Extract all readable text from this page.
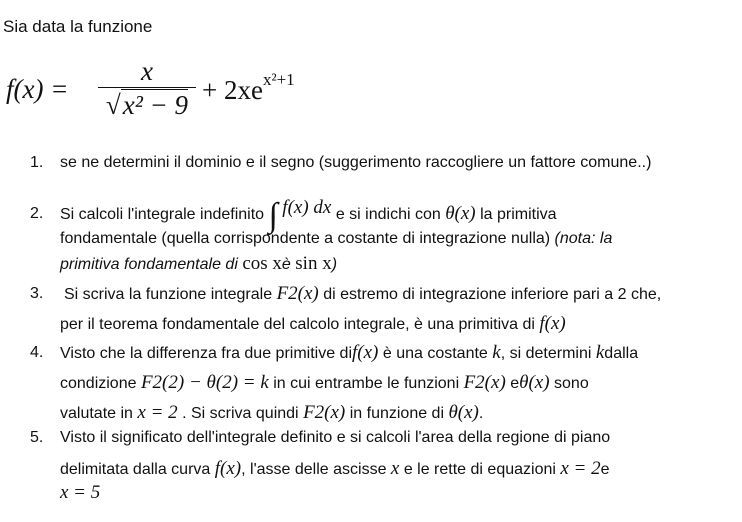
Sia data la funzione
f(x) =
x
$√x^2 - 9 + 2xe^{x^2+1}$
1. se ne determini il dominio e il segno (suggerimento raccogliere un fattore comune..)
2. Si calcoli l'integrale indefinito ∫ f(x) dx e si indichi con θ(x) la primitiva
fondamentale (quella corrispondente a costante di integrazione nulla) (nota: la
primitiva fondamentale di cos xè sin x)
3. Si scriva la funzione integrale F2(x) di estremo di integrazione inferiore pari a 2 che,
per il teorema fondamentale del calcolo integrale, è una primitiva di f(x)
4. Visto che la differenza fra due primitive dif(x) è una costante k, si determini kdalla
condizione F2(2) − θ(2) = k in cui entrambe le funzioni F2(x) eθ(x) sono
valutate in x = 2 . Si scriva quindi F2(x) in funzione di θ(x).
5. Visto il significato dell'integrale definito e si calcoli l'area della regione di piano
delimitata dalla curva f(x), l'asse delle ascisse x e le rette di equazioni x = 2e
x = 5
